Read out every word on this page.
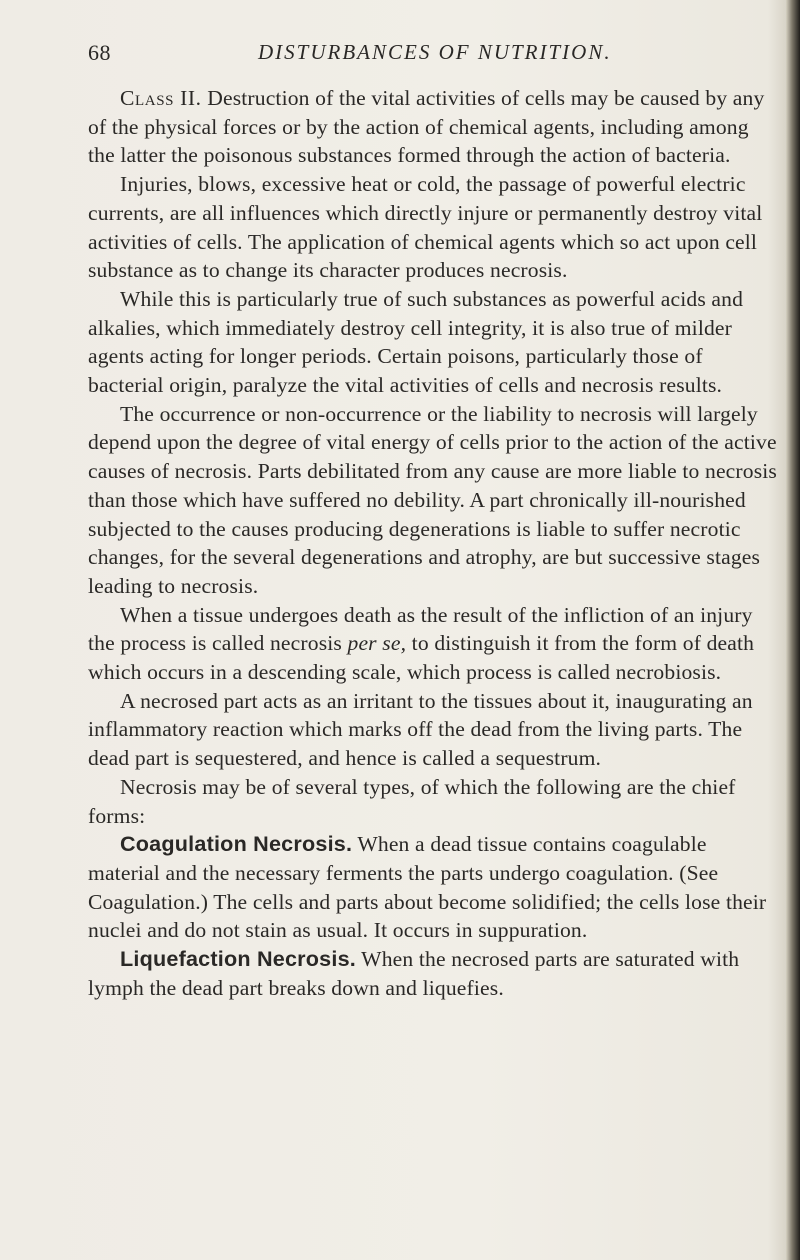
68	DISTURBANCES OF NUTRITION.

Class II. Destruction of the vital activities of cells may be caused by any of the physical forces or by the action of chemical agents, including among the latter the poisonous substances formed through the action of bacteria.

Injuries, blows, excessive heat or cold, the passage of powerful electric currents, are all influences which directly injure or permanently destroy vital activities of cells. The application of chemical agents which so act upon cell substance as to change its character produces necrosis.

While this is particularly true of such substances as powerful acids and alkalies, which immediately destroy cell integrity, it is also true of milder agents acting for longer periods. Certain poisons, particularly those of bacterial origin, paralyze the vital activities of cells and necrosis results.

The occurrence or non-occurrence or the liability to necrosis will largely depend upon the degree of vital energy of cells prior to the action of the active causes of necrosis. Parts debilitated from any cause are more liable to necrosis than those which have suffered no debility. A part chronically ill-nourished subjected to the causes producing degenerations is liable to suffer necrotic changes, for the several degenerations and atrophy, are but successive stages leading to necrosis.

When a tissue undergoes death as the result of the infliction of an injury the process is called necrosis per se, to distinguish it from the form of death which occurs in a descending scale, which process is called necrobiosis.

A necrosed part acts as an irritant to the tissues about it, inaugurating an inflammatory reaction which marks off the dead from the living parts. The dead part is sequestered, and hence is called a sequestrum.

Necrosis may be of several types, of which the following are the chief forms:

Coagulation Necrosis. When a dead tissue contains coagulable material and the necessary ferments the parts undergo coagulation. (See Coagulation.) The cells and parts about become solidified; the cells lose their nuclei and do not stain as usual. It occurs in suppuration.

Liquefaction Necrosis. When the necrosed parts are saturated with lymph the dead part breaks down and liquefies.
